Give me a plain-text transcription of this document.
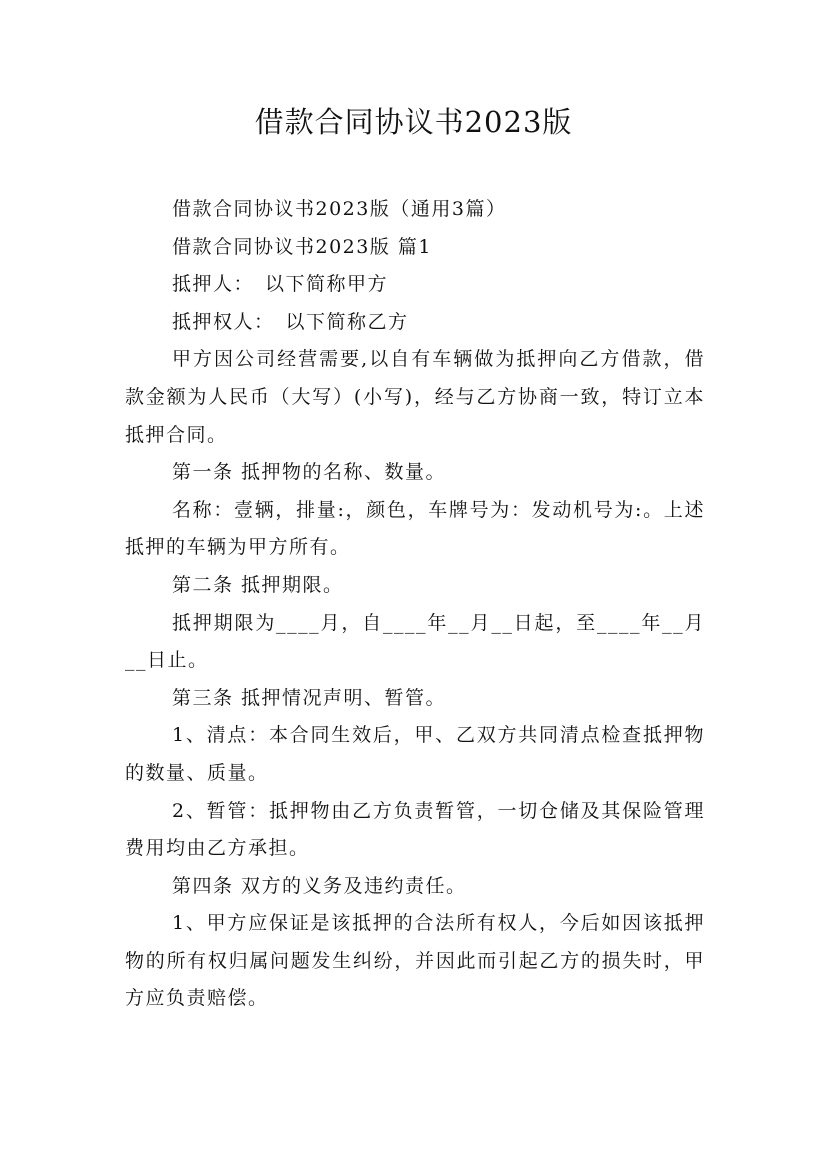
借款合同协议书2023版

借款合同协议书2023版（通用3篇）

借款合同协议书2023版 篇1

抵押人：　以下简称甲方

抵押权人：　以下简称乙方

甲方因公司经营需要,以自有车辆做为抵押向乙方借款，借款金额为人民币（大写）(小写)，经与乙方协商一致，特订立本抵押合同。

第一条 抵押物的名称、数量。

名称：壹辆，排量:，颜色，车牌号为：发动机号为:。上述抵押的车辆为甲方所有。

第二条 抵押期限。

抵押期限为____月，自____年__月__日起，至____年__月__日止。

第三条 抵押情况声明、暂管。

1、清点：本合同生效后，甲、乙双方共同清点检查抵押物的数量、质量。

2、暂管：抵押物由乙方负责暂管，一切仓储及其保险管理费用均由乙方承担。

第四条 双方的义务及违约责任。

1、甲方应保证是该抵押的合法所有权人，今后如因该抵押物的所有权归属问题发生纠纷，并因此而引起乙方的损失时，甲方应负责赔偿。
